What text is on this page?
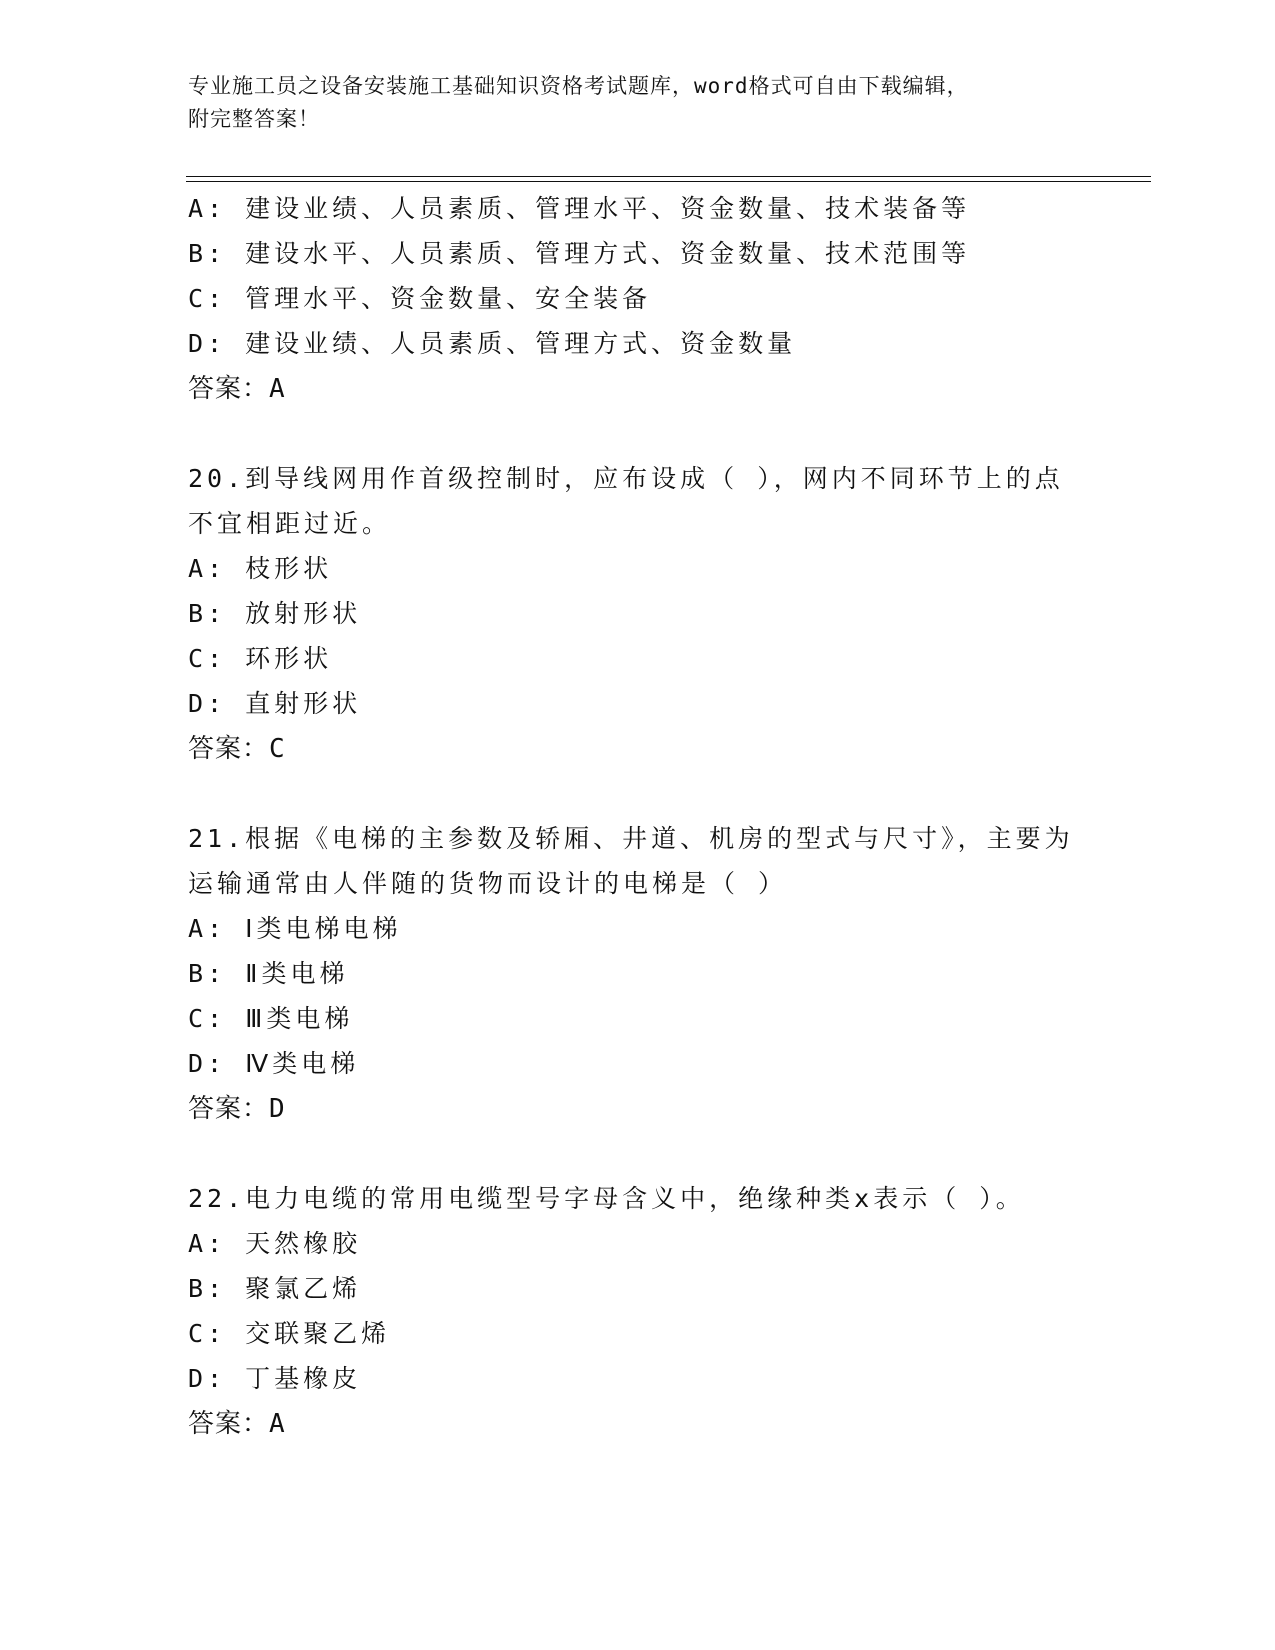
专业施工员之设备安装施工基础知识资格考试题库，word格式可自由下载编辑，
附完整答案！
A: 建设业绩、人员素质、管理水平、资金数量、技术装备等
B: 建设水平、人员素质、管理方式、资金数量、技术范围等
C: 管理水平、资金数量、安全装备
D: 建设业绩、人员素质、管理方式、资金数量
答案：A
20.到导线网用作首级控制时，应布设成（ ），网内不同环节上的点
不宜相距过近。
A: 枝形状
B: 放射形状
C: 环形状
D: 直射形状
答案：C
21.根据《电梯的主参数及轿厢、井道、机房的型式与尺寸》，主要为
运输通常由人伴随的货物而设计的电梯是（ ）
A: Ⅰ类电梯电梯
B: Ⅱ类电梯
C: Ⅲ类电梯
D: Ⅳ类电梯
答案：D
22.电力电缆的常用电缆型号字母含义中，绝缘种类x表示（ ）。
A: 天然橡胶
B: 聚氯乙烯
C: 交联聚乙烯
D: 丁基橡皮
答案：A
